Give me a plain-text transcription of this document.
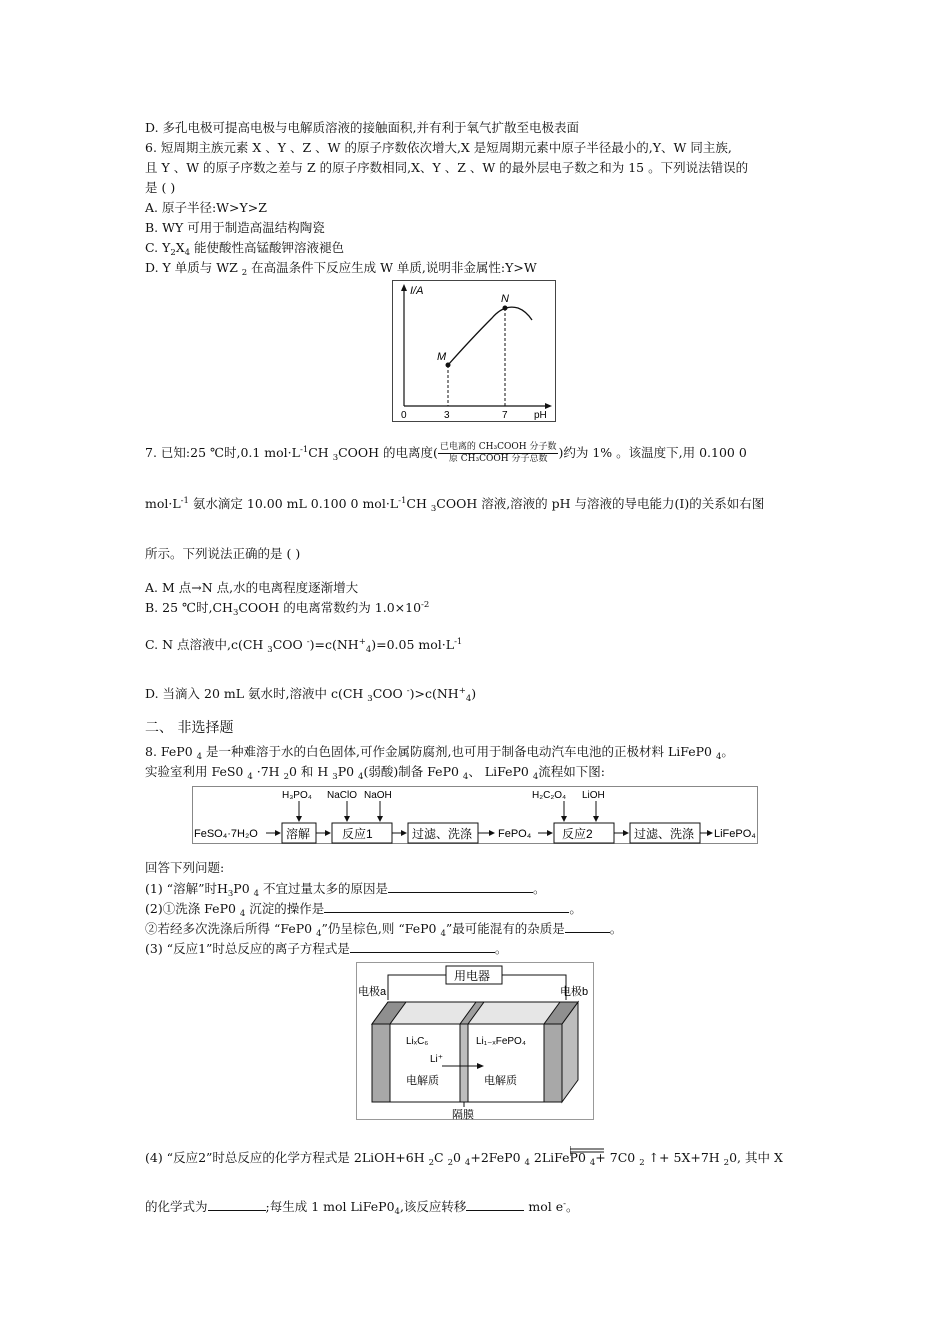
D. 多孔电极可提高电极与电解质溶液的接触面积,并有利于氧气扩散至电极表面
6. 短周期主族元素 X 、Y 、Z 、W 的原子序数依次增大,X 是短周期元素中原子半径最小的,Y、W 同主族,
且 Y 、W 的原子序数之差与 Z 的原子序数相同,X、Y 、Z 、W 的最外层电子数之和为 15 。下列说法错误的
是 ( )
A. 原子半径:W>Y>Z
B. WY 可用于制造高温结构陶瓷
C. $Y_2X_4$ 能使酸性高锰酸钾溶液褪色
D. Y 单质与 WZ $_2$ 在高温条件下反应生成 W 单质,说明非金属性:Y>W
I/A
pH
0	3	7
M
N
7. 已知:25 ℃时,0.1 $mol\cdot L^{-1}CH$ $_3$COOH 的电离度( $\frac{\text{已电离的 CH₃COOH 分子数}}{\text{原 CH₃COOH 分子总数}}$ )约为 1% 。该温度下,用 0.100 0
$mol\cdot L^{-1}$ 氨水滴定 10.00 mL 0.100 0 $mol\cdot L^{-1}CH$ $_3$COOH 溶液,溶液的 pH 与溶液的导电能力(I)的关系如右图
所示。下列说法正确的是 ( )
A. M 点→N 点,水的电离程度逐渐增大
B. 25 ℃时$,CH_3COOH$ 的电离常数约为 $1.0\times 10^{-2}$
C. N 点溶液中,c(CH $_3$COO $^-)=c(NH^+_4)=0.05$ $mol\cdot L^{-1}$
D. 当滴入 20 mL 氨水时,溶液中 c(CH $_3$COO $^-)>c(NH^+_4)$
二、 非选择题
8. FeP0 $_4$ 是一种难溶于水的白色固体,可作金属防腐剂,也可用于制备电动汽车电池的正极材料 LiFeP0 $_4$。
实验室利用 FeS0 $_4$ ·7H $_2$0 和 H $_3$P0 $_4$(弱酸)制备 FeP0 $_4$、 LiFeP0 $_4$流程如下图:
FeSO₄·7H₂O 溶解	反应1	过滤、洗涤 FePO₄	反应2	过滤、洗涤 LiFePO₄
H₃PO₄ NaClO NaOH	H₂C₂O₄ LiOH
回答下列问题:
(1) “溶解”时$H_3P0$ $_4$ 不宜过量太多的原因是	。
(2)①洗涤 FeP0 $_4$ 沉淀的操作是	。
②若经多次洗涤后所得 “FeP0 $_4$”仍呈棕色,则 “FeP0 $_4$”最可能混有的杂质是	。
(3) “反应1”时总反应的离子方程式是	。
用电器
电极a	电极b
LiₓC₆	Li₁₋ₓFePO₄
Li⁺
电解质	电解质
隔膜
(4) “反应2”时总反应的化学方程式是 2LiOH+6H $_2$C $_2$0 $_4$+2FeP0 $_4$ 2LiFeP0 $_4$+ 7C0 $_2$ ↑+ 5X+7H $_2$0, 其中 X
的化学式为	;每生成 1 mol $LiFeP0_4$,该反应转移	mol e-。
